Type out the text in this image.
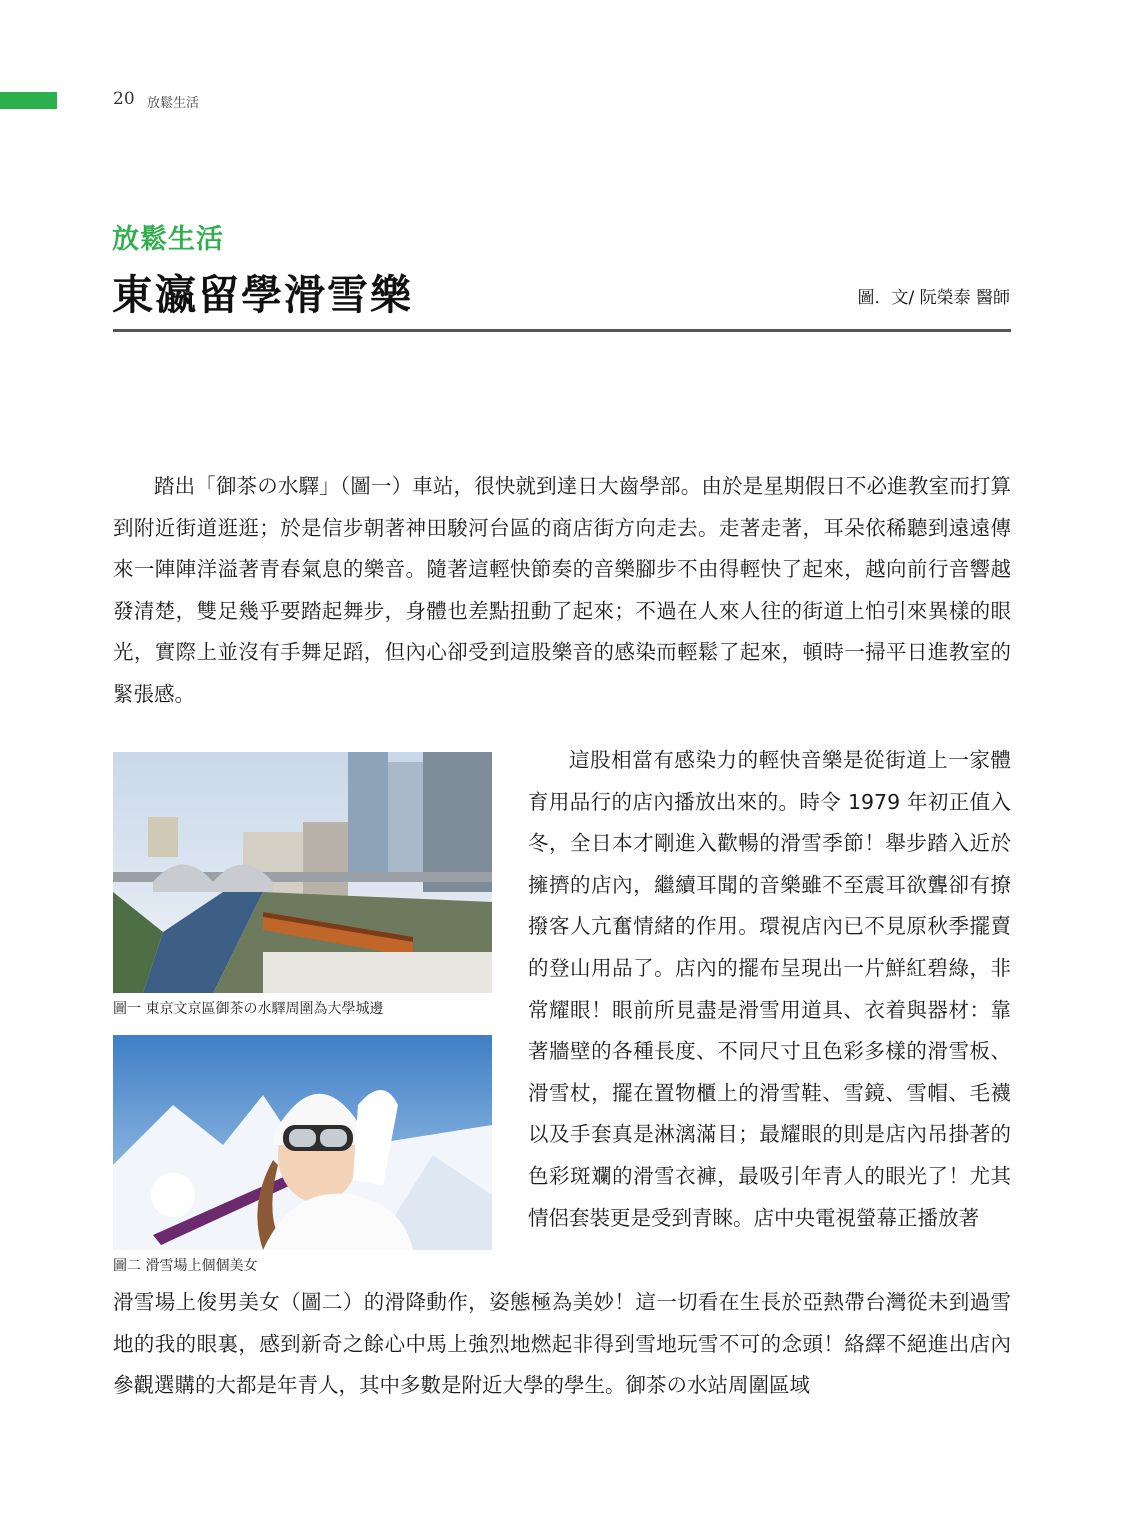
20 放鬆生活
放鬆生活
東瀛留學滑雪樂	圖．文/ 阮榮泰 醫師

踏出「御茶の水驛」（圖一）車站，很快就到達日大齒學部。由於是星期假日不必進教室而打算到附近街道逛逛；於是信步朝著神田駿河台區的商店街方向走去。走著走著，耳朵依稀聽到遠遠傳來一陣陣洋溢著青春氣息的樂音。隨著這輕快節奏的音樂腳步不由得輕快了起來，越向前行音響越發清楚，雙足幾乎要踏起舞步，身體也差點扭動了起來；不過在人來人往的街道上怕引來異樣的眼光，實際上並沒有手舞足蹈，但內心卻受到這股樂音的感染而輕鬆了起來，頓時一掃平日進教室的緊張感。

圖一 東京文京區御茶の水驛周圍為大學城邊
圖二 滑雪場上個個美女

這股相當有感染力的輕快音樂是從街道上一家體育用品行的店內播放出來的。時令 1979 年初正值入冬，全日本才剛進入歡暢的滑雪季節！舉步踏入近於擁擠的店內，繼續耳聞的音樂雖不至震耳欲聾卻有撩撥客人亢奮情緒的作用。環視店內已不見原秋季擺賣的登山用品了。店內的擺布呈現出一片鮮紅碧綠，非常耀眼！眼前所見盡是滑雪用道具、衣着與器材：靠著牆壁的各種長度、不同尺寸且色彩多樣的滑雪板、滑雪杖，擺在置物櫃上的滑雪鞋、雪鏡、雪帽、毛襪以及手套真是淋漓滿目；最耀眼的則是店內吊掛著的色彩斑斕的滑雪衣褲，最吸引年青人的眼光了！尤其情侶套裝更是受到青睞。店中央電視螢幕正播放著

滑雪場上俊男美女（圖二）的滑降動作，姿態極為美妙！這一切看在生長於亞熱帶台灣從未到過雪地的我的眼裏，感到新奇之餘心中馬上強烈地燃起非得到雪地玩雪不可的念頭！絡繹不絕進出店內參觀選購的大都是年青人，其中多數是附近大學的學生。御茶の水站周圍區域
